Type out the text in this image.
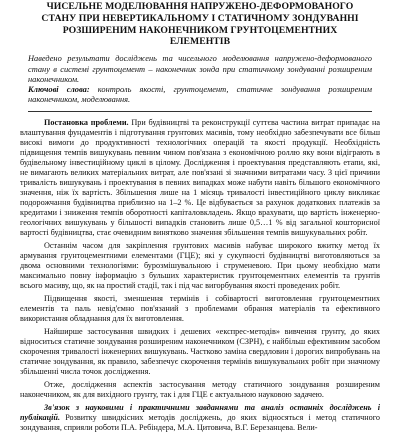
ЧИСЕЛЬНЕ МОДЕЛЮВАННЯ НАПРУЖЕНО-ДЕФОРМОВАНОГО
СТАНУ ПРИ НЕВЕРТИКАЛЬНОМУ І СТАТИЧНОМУ ЗОНДУВАННІ
РОЗШИРЕНИМ НАКОНЕЧНИКОМ ГРУНТОЦЕМЕНТНИХ
ЕЛЕМЕНТІВ
Наведено результати досліджень та чисельного моделювання напружено-деформованого стану в системі грунтоцемент – наконечник зонда при статичному зондуванні розширеним наконечником.
Ключові слова: контроль якості, грунтоцемент, статичне зондування розширеним наконечником, моделювання.

Постановка проблеми. При будівництві та реконструкції суттєва частина витрат припадає на влаштування фундаментів і підготування грунтових масивів, тому необхідно забезпечувати все більш високі вимоги до продуктивності технологічних операцій та якості продукції. Необхідність підвищення темпів вишукувань певним чином пов'язана з економічною роллю яку вони відіграють в будівельному інвестиційному циклі в цілому. Дослідження і проектування представляють етапи, які, не вимагають великих матеріальних витрат, але пов'язані зі значними витратами часу. З цієї причини тривалість вишукувань і проектування в певних випадках може набути навіть більшого економічного значення, ніж їх вартість. Збільшення лише на 1 місяць тривалості інвестиційного циклу викликає подорожчання будівництва приблизно на 1–2 %. Це відбувається за рахунок додаткових платежів за кредитами і зниження темпів оборотності капіталовкладень. Якщо врахувати, що вартість інженерно-геологічних вишукувань у більшості випадків становить лише 0,5…1 % від загальної кошторисної вартості будівництва, стає очевидним винятково значення збільшення темпів вишукувальних робіт.

Останнім часом для закріплення грунтових масивів набуває широкого вжитку метод їх армування грунтоцементними елементами (ГЦЕ); які у сукупності будівництві виготовляються за двома основними технологіями: бурозмішувальною і струменевою. При цьому необхідно мати максимально повну інформацію з бульших характеристик грунтоцементних елементів та грунтів всього масиву, що, як на простий стадії, так і під час вигорбування якості проведених робіт.

Підвищення якості, зменшення термінів і собівартості виготовлення грунтоцементних елементів та паль невід'ємно пов'язаний з проблемами обрання матеріалів та ефективного використання обладнання для їх виготовлення.

Найширше застосування швидких і дешевих «експрес-методів» вивчення грунту, до яких відноситься статичне зондування розширеним наконечником (СЗРН), є найбільш ефективним засобом скорочення тривалості інженерних вишукувань. Частково заміна свердловин і дорогих випробувань на статичне зондування, як правило, забезпечує скорочення термінів вишукувальних робіт при значному збільшенні числа точок дослідження.

Отже, дослідження аспектів застосування методу статичного зондування розширеним наконечником, як для вихідного грунту, так і для ГЦЕ є актуальною науковою задачею.

Зв'язок з науковими і практичними завданнями та аналіз останніх досліджень і публікацій. Розвитку швидкісних методів досліджень, до яких відносяться і метод статичного зондування, сприяли роботи П.А. Ребіндера, М.А. Цитовича, В.Г. Березанцева. Вели-
